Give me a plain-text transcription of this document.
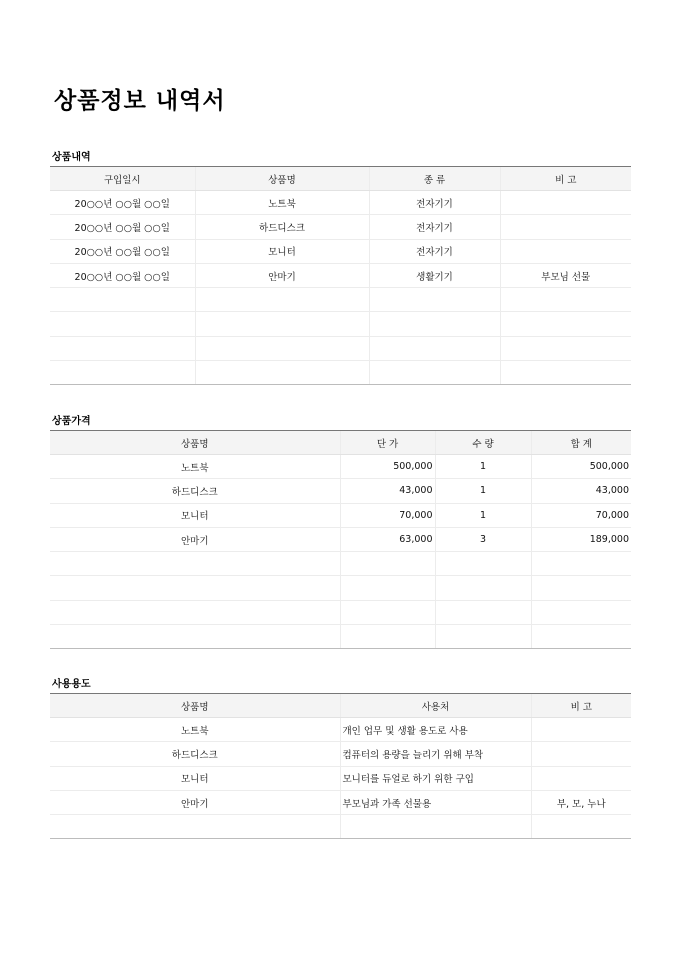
상품정보 내역서
상품내역
구입일시	상품명	종 류	비 고
20○○년 ○○월 ○○일	노트북	전자기기	
20○○년 ○○월 ○○일	하드디스크	전자기기	
20○○년 ○○월 ○○일	모니터	전자기기	
20○○년 ○○월 ○○일	안마기	생활기기	부모님 선물

상품가격
상품명	단 가	수 량	합 계
노트북	500,000	1	500,000
하드디스크	43,000	1	43,000
모니터	70,000	1	70,000
안마기	63,000	3	189,000

사용용도
상품명	사용처	비 고
노트북	개인 업무 및 생활 용도로 사용	
하드디스크	컴퓨터의 용량을 늘리기 위해 부착	
모니터	모니터를 듀얼로 하기 위한 구입	
안마기	부모님과 가족 선물용	부, 모, 누나
